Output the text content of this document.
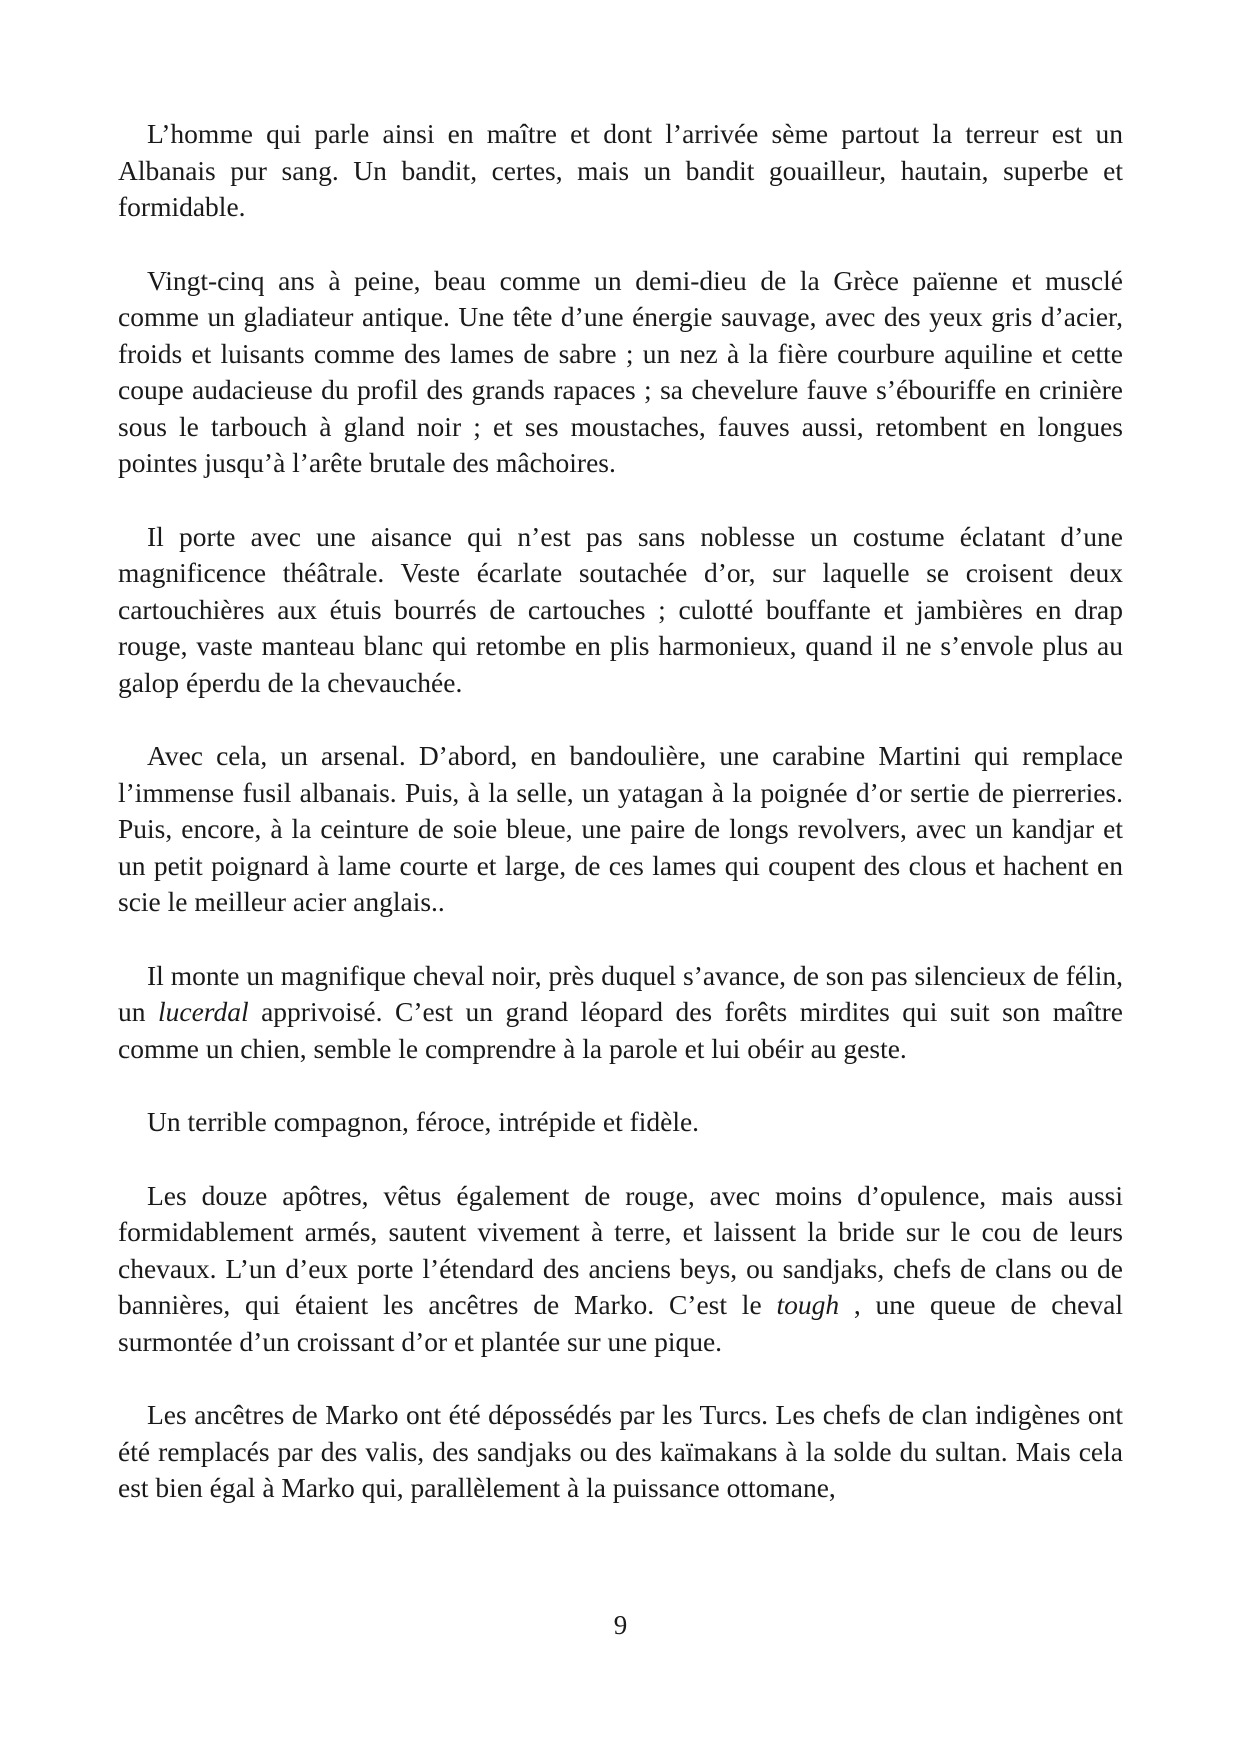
L’homme qui parle ainsi en maître et dont l’arrivée sème partout la terreur est un Albanais pur sang. Un bandit, certes, mais un bandit gouailleur, hautain, superbe et formidable.

Vingt-cinq ans à peine, beau comme un demi-dieu de la Grèce païenne et musclé comme un gladiateur antique. Une tête d’une énergie sauvage, avec des yeux gris d’acier, froids et luisants comme des lames de sabre ; un nez à la fière courbure aquiline et cette coupe audacieuse du profil des grands rapaces ; sa chevelure fauve s’ébouriffe en crinière sous le tarbouch à gland noir ; et ses moustaches, fauves aussi, retombent en longues pointes jusqu’à l’arête brutale des mâchoires.

Il porte avec une aisance qui n’est pas sans noblesse un costume éclatant d’une magnificence théâtrale. Veste écarlate soutachée d’or, sur laquelle se croisent deux cartouchières aux étuis bourrés de cartouches ; culotté bouffante et jambières en drap rouge, vaste manteau blanc qui retombe en plis harmonieux, quand il ne s’envole plus au galop éperdu de la chevauchée.

Avec cela, un arsenal. D’abord, en bandoulière, une carabine Martini qui remplace l’immense fusil albanais. Puis, à la selle, un yatagan à la poignée d’or sertie de pierreries. Puis, encore, à la ceinture de soie bleue, une paire de longs revolvers, avec un kandjar et un petit poignard à lame courte et large, de ces lames qui coupent des clous et hachent en scie le meilleur acier anglais..

Il monte un magnifique cheval noir, près duquel s’avance, de son pas silencieux de félin, un lucerdal apprivoisé. C’est un grand léopard des forêts mirdites qui suit son maître comme un chien, semble le comprendre à la parole et lui obéir au geste.

Un terrible compagnon, féroce, intrépide et fidèle.

Les douze apôtres, vêtus également de rouge, avec moins d’opulence, mais aussi formidablement armés, sautent vivement à terre, et laissent la bride sur le cou de leurs chevaux. L’un d’eux porte l’étendard des anciens beys, ou sandjaks, chefs de clans ou de bannières, qui étaient les ancêtres de Marko. C’est le tough , une queue de cheval surmontée d’un croissant d’or et plantée sur une pique.

Les ancêtres de Marko ont été dépossédés par les Turcs. Les chefs de clan indigènes ont été remplacés par des valis, des sandjaks ou des kaïmakans à la solde du sultan. Mais cela est bien égal à Marko qui, parallèlement à la puissance ottomane,

9
